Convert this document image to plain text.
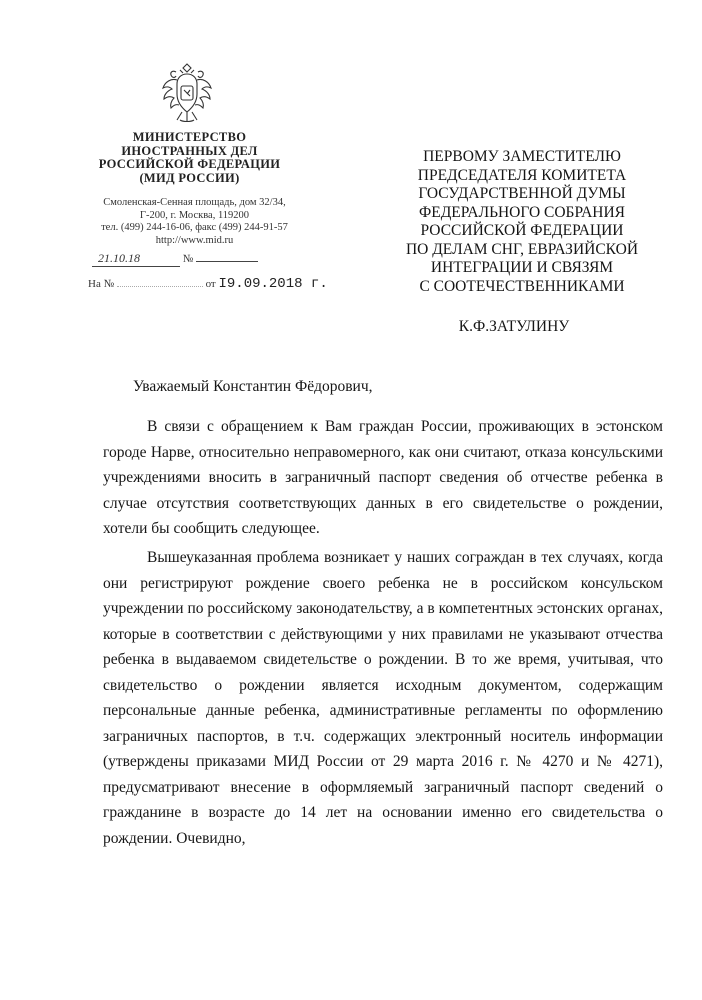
МИНИСТЕРСТВО
ИНОСТРАННЫХ ДЕЛ
РОССИЙСКОЙ ФЕДЕРАЦИИ
(МИД РОССИИ)
Смоленская-Сенная площадь, дом 32/34,
Г-200, г. Москва, 119200
тел. (499) 244-16-06, факс (499) 244-91-57
http://www.mid.ru
21.10.18	№
На №	от I9.09.2018 г.
ПЕРВОМУ ЗАМЕСТИТЕЛЮ
ПРЕДСЕДАТЕЛЯ КОМИТЕТА
ГОСУДАРСТВЕННОЙ ДУМЫ
ФЕДЕРАЛЬНОГО СОБРАНИЯ
РОССИЙСКОЙ ФЕДЕРАЦИИ
ПО ДЕЛАМ СНГ, ЕВРАЗИЙСКОЙ
ИНТЕГРАЦИИ И СВЯЗЯМ
С СООТЕЧЕСТВЕННИКАМИ
К.Ф.ЗАТУЛИНУ
Уважаемый Константин Фёдорович,

В связи с обращением к Вам граждан России, проживающих в эстонском городе Нарве, относительно неправомерного, как они считают, отказа консульскими учреждениями вносить в заграничный паспорт сведения об отчестве ребенка в случае отсутствия соответствующих данных в его свидетельстве о рождении, хотели бы сообщить следующее.

Вышеуказанная проблема возникает у наших сограждан в тех случаях, когда они регистрируют рождение своего ребенка не в российском консульском учреждении по российскому законодательству, а в компетентных эстонских органах, которые в соответствии с действующими у них правилами не указывают отчества ребенка в выдаваемом свидетельстве о рождении. В то же время, учитывая, что свидетельство о рождении является исходным документом, содержащим персональные данные ребенка, административные регламенты по оформлению заграничных паспортов, в т.ч. содержащих электронный носитель информации (утверждены приказами МИД России от 29 марта 2016 г. № 4270 и № 4271), предусматривают внесение в оформляемый заграничный паспорт сведений о гражданине в возрасте до 14 лет на основании именно его свидетельства о рождении. Очевидно,
